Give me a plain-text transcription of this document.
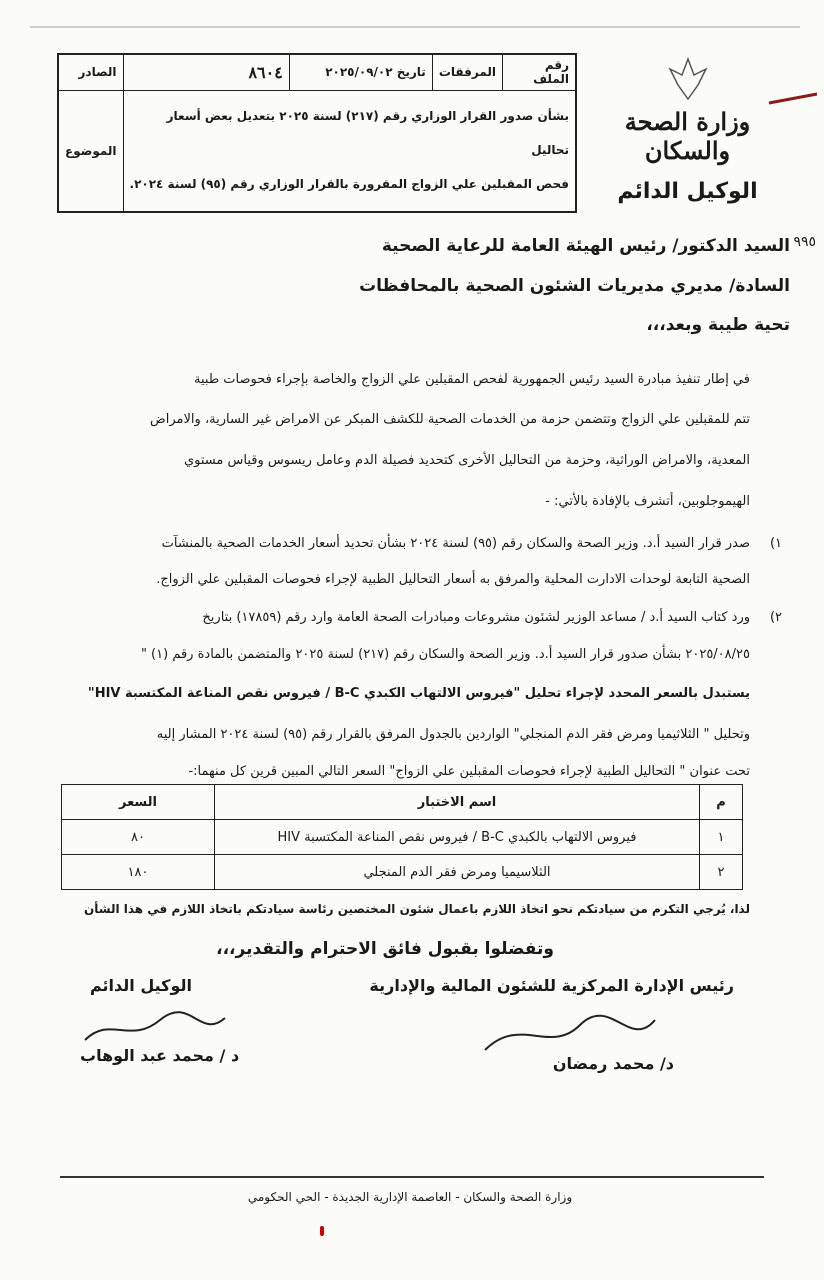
رقم الملف	المرفقات	تاريخ ٢٠٢٥/٠٩/٠٢	٨٦٠٤	الصادر

بشأن صدور القرار الوزاري رقم (٢١٧) لسنة ٢٠٢٥ بتعديل بعض أسعار تحاليل
فحص المقبلين علي الزواج المقرورة بالقرار الوزاري رقم (٩٥) لسنة ٢٠٢٤.				الموضوع
وزارة الصحة والسكان
الوكيل الدائم
٩٩٥
السيد الدكتور/ رئيس الهيئة العامة للرعاية الصحية
السادة/ مديري مديريات الشئون الصحية بالمحافظات
تحية طيبة وبعد،،،
في إطار تنفيذ مبادرة السيد رئيس الجمهورية لفحص المقبلين علي الزواج والخاصة بإجراء فحوصات طبية
تتم للمقبلين علي الزواج وتتضمن حزمة من الخدمات الصحية للكشف المبكر عن الامراض غير السارية، والامراض
المعدية، والامراض الوراثية، وحزمة من التحاليل الأخرى كتحديد فصيلة الدم وعامل ريسوس وقياس مستوي
الهيموجلوبين، أتشرف بالإفادة بالأتي: -
١)
صدر قرار السيد أ.د. وزير الصحة والسكان رقم (٩٥) لسنة ٢٠٢٤ بشأن تحديد أسعار الخدمات الصحية بالمنشآت
الصحية التابعة لوحدات الادارت المحلية والمرفق به أسعار التحاليل الطبية لإجراء فحوصات المقبلين علي الزواج.
٢)
ورد كتاب السيد أ.د / مساعد الوزير لشئون مشروعات ومبادرات الصحة العامة وارد رقم (١٧٨٥٩) بتاريخ
٢٠٢٥/٠٨/٢٥ بشأن صدور قرار السيد أ.د. وزير الصحة والسكان رقم (٢١٧) لسنة ٢٠٢٥ والمتضمن بالمادة رقم (١) "
يستبدل بالسعر المحدد لإجراء تحليل "فيروس الالتهاب الكبدي B-C / فيروس نقص المناعة المكتسبة HIV"
وتحليل " الثلاثيميا ومرض فقر الدم المنجلي" الواردين بالجدول المرفق بالقرار رقم (٩٥) لسنة ٢٠٢٤ المشار إليه
تحت عنوان " التحاليل الطبية لإجراء فحوصات المقبلين علي الزواج" السعر التالي المبين قرين كل منهما:-
م	اسم الاختبار	السعر
١	فيروس الالتهاب بالكبدي B-C / فيروس نقص المناعة المكتسبة HIV	٨٠
٢	الثلاسيميا ومرض فقر الدم المنجلي	١٨٠
لذا، يُرجي التكرم من سيادتكم نحو اتخاذ اللازم باعمال شئون المختصين رئاسة سيادتكم باتخاذ اللازم في هذا الشأن
وتفضلوا بقبول فائق الاحترام والتقدير،،،
رئيس الإدارة المركزية للشئون المالية والإدارية
د/ محمد رمضان
الوكيل الدائم
د / محمد عبد الوهاب
وزارة الصحة والسكان - العاصمة الإدارية الجديدة - الحي الحكومي
